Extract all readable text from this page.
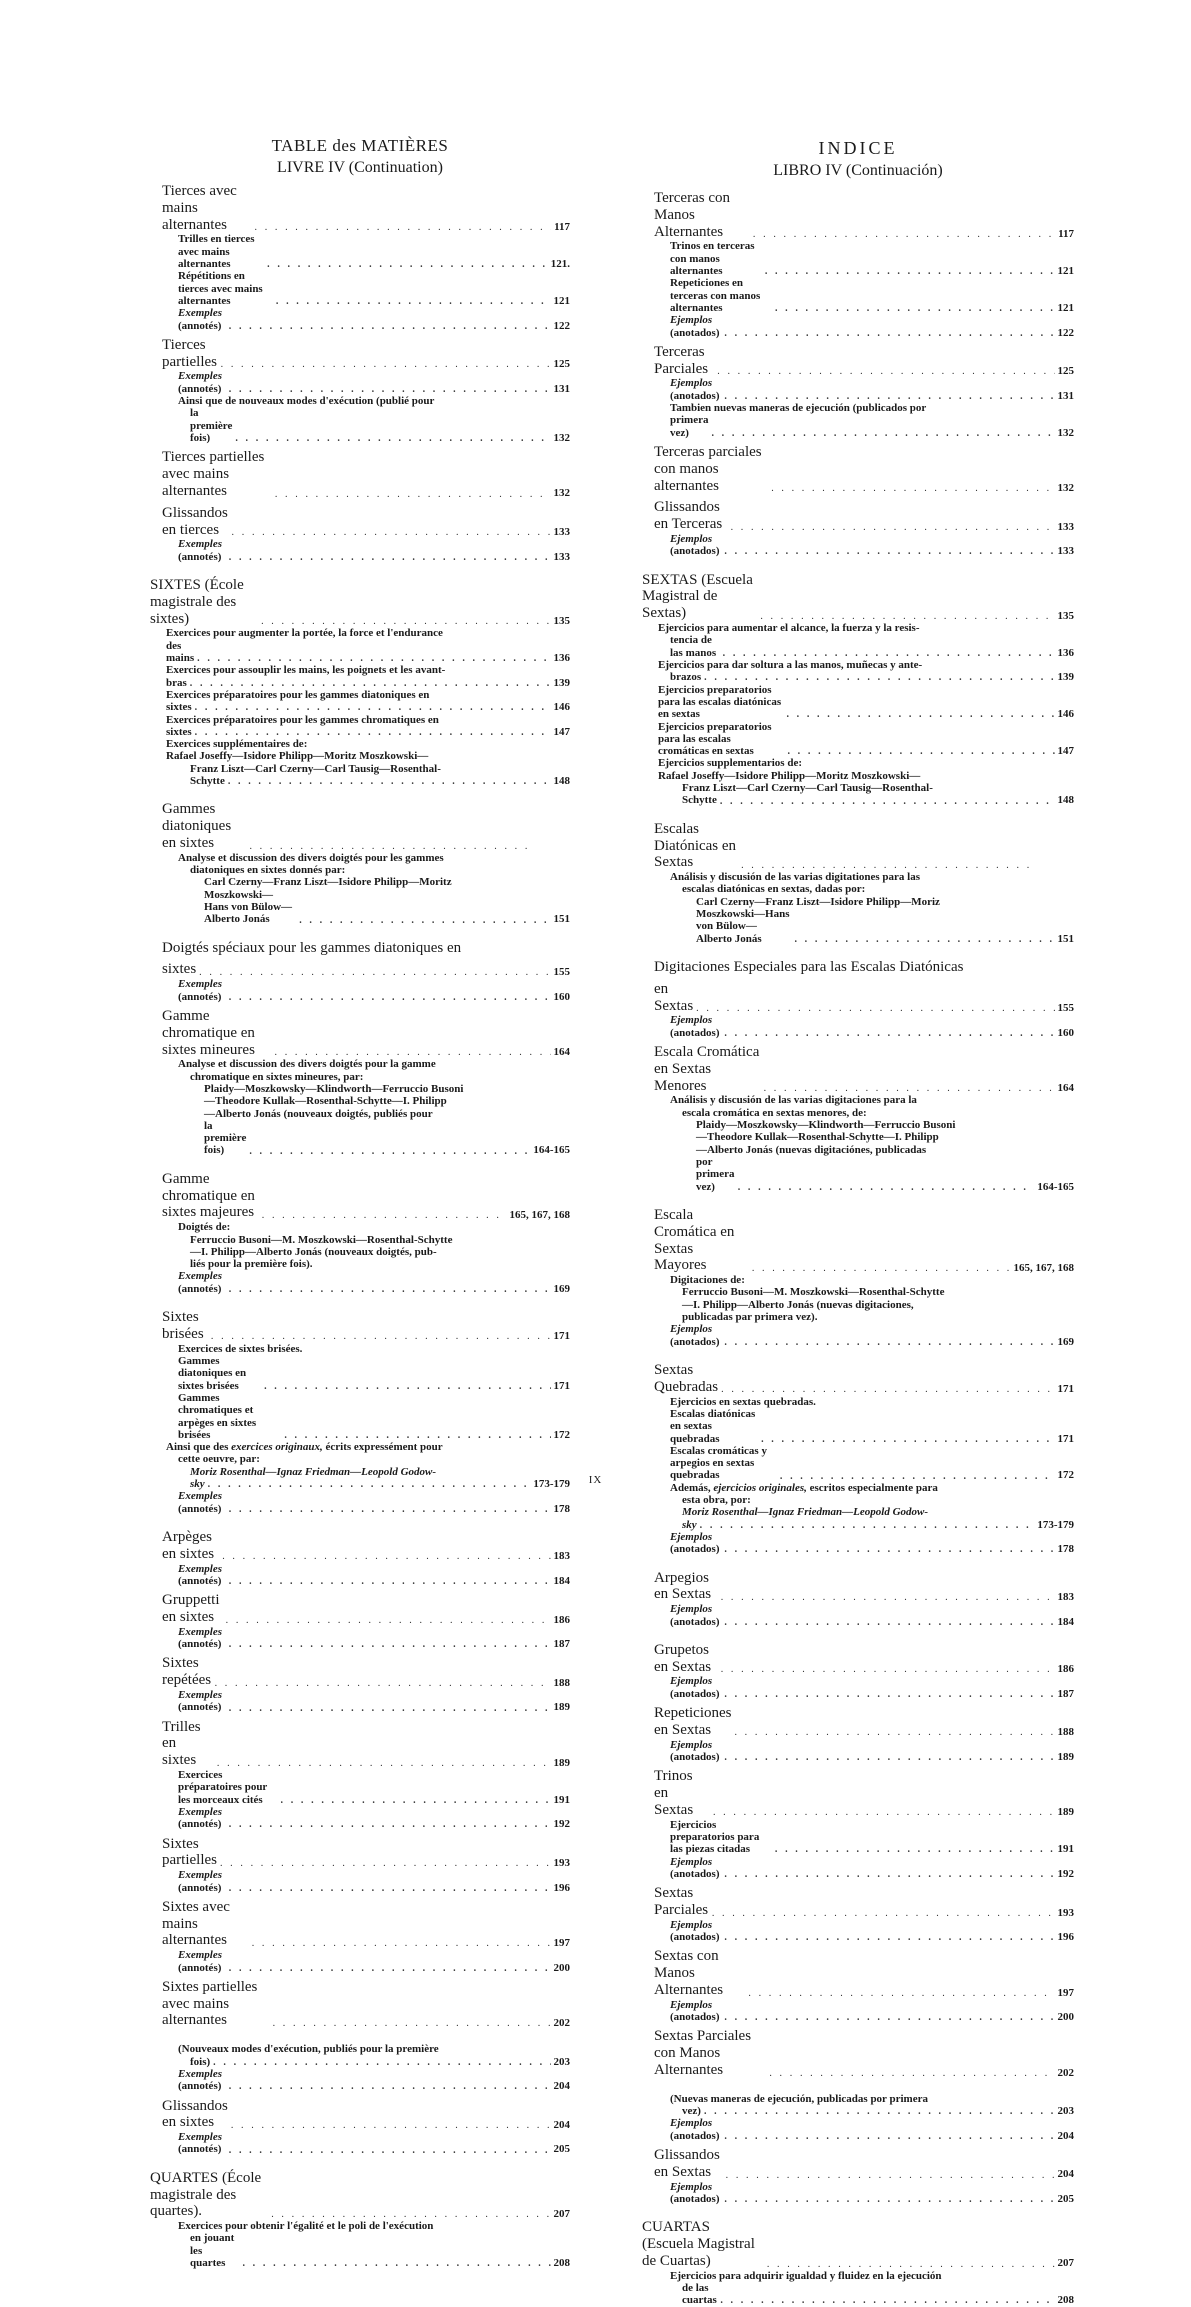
TABLE des MATIÈRES
LIVRE IV (Continuation)
Tierces avec mains alternantes . . .	117
Trilles en tierces avec mains alternantes . . .	121.
Répétitions en tierces avec mains alternantes . . .	121
Exemples (annotés) . . .	122
Tierces partielles . . .	125
Exemples (annotés) . . .	131
Ainsi que de nouveaux modes d'exécution (publié pour
la première fois) . . .	132
Tierces partielles avec mains alternantes . . .	132
Glissandos en tierces . . .	133
Exemples (annotés) . . .	133
SIXTES (École magistrale des sixtes) . . .	135
Exercices pour augmenter la portée, la force et l'endurance
des mains . . .	136
Exercices pour assouplir les mains, les poignets et les avant-
bras . . .	139
Exercices préparatoires pour les gammes diatoniques en
sixtes . . .	146
Exercices préparatoires pour les gammes chromatiques en
sixtes . . .	147
Exercices supplémentaires de:
Rafael Joseffy—Isidore Philipp—Moritz Moszkowski—
Franz Liszt—Carl Czerny—Carl Tausig—Rosenthal-
Schytte . . .	148
Gammes diatoniques en sixtes
. . .
Analyse et discussion des divers doigtés pour les gammes
diatoniques en sixtes donnés par:
Carl Czerny—Franz Liszt—Isidore Philipp—Moritz
Moszkowski—Hans von Bülow—Alberto Jonás . . .	151
Doigtés spéciaux pour les gammes diatoniques en
sixtes . . .	155
Exemples (annotés) . . .	160
Gamme chromatique en sixtes mineures . . .	164
Analyse et discussion des divers doigtés pour la gamme
chromatique en sixtes mineures, par:
Plaidy—Moszkowsky—Klindworth—Ferruccio Busoni
—Theodore Kullak—Rosenthal-Schytte—I. Philipp
—Alberto Jonás (nouveaux doigtés, publiés pour
la première fois) . . .	164-165
Gamme chromatique en sixtes majeures . . .	165, 167, 168
Doigtés de:
Ferruccio Busoni—M. Moszkowski—Rosenthal-Schytte
—I. Philipp—Alberto Jonás (nouveaux doigtés, pub-
liés pour la première fois).
Exemples (annotés) . . .	169
Sixtes brisées . . .	171
Exercices de sixtes brisées.
Gammes diatoniques en sixtes brisées . . .	171
Gammes chromatiques et arpèges en sixtes brisées . . .	172
Ainsi que des exercices originaux, écrits expressément pour
cette oeuvre, par:
Moriz Rosenthal—Ignaz Friedman—Leopold Godow-
sky . . .	173-179
Exemples (annotés) . . .	178
Arpèges en sixtes . . .	183
Exemples (annotés) . . .	184
Gruppetti en sixtes . . .	186
Exemples (annotés) . . .	187
Sixtes repétées . . .	188
Exemples (annotés) . . .	189
Trilles en sixtes . . .	189
Exercices préparatoires pour les morceaux cités . . .	191
Exemples (annotés) . . .	192
Sixtes partielles . . .	193
Exemples (annotés) . . .	196
Sixtes avec mains alternantes . . .	197
Exemples (annotés) . . .	200
Sixtes partielles avec mains alternantes . . .	202
(Nouveaux modes d'exécution, publiés pour la première
fois) . . .	203
Exemples (annotés) . . .	204
Glissandos en sixtes . . .	204
Exemples (annotés) . . .	205
QUARTES (École magistrale des quartes). . . .	207
Exercices pour obtenir l'égalité et le poli de l'exécution
en jouant les quartes . . .	208
INDICE
LIBRO IV (Continuación)
Terceras con Manos Alternantes . . .	117
Trinos en terceras con manos alternantes . . .	121
Repeticiones en terceras con manos alternantes . . .	121
Ejemplos (anotados) . . .	122
Terceras Parciales . . .	125
Ejemplos (anotados) . . .	131
Tambien nuevas maneras de ejecución (publicados por
primera vez) . . .	132
Terceras parciales con manos alternantes . . .	132
Glissandos en Terceras . . .	133
Ejemplos (anotados) . . .	133
SEXTAS (Escuela Magistral de Sextas) . . .	135
Ejercicios para aumentar el alcance, la fuerza y la resis-
tencia de las manos . . .	136
Ejercicios para dar soltura a las manos, muñecas y ante-
brazos . . .	139
Ejercicios preparatorios para las escalas diatónicas en sextas . . .	146
Ejercicios preparatorios para las escalas cromáticas en sextas . . .	147
Ejercicios supplementarios de:
Rafael Joseffy—Isidore Philipp—Moritz Moszkowski—
Franz Liszt—Carl Czerny—Carl Tausig—Rosenthal-
Schytte . . .	148
Escalas Diatónicas en Sextas
. . .
Análisis y discusión de las varias digitationes para las
escalas diatónicas en sextas, dadas por:
Carl Czerny—Franz Liszt—Isidore Philipp—Moriz
Moszkowski—Hans von Bülow—Alberto Jonás . . .	151
Digitaciones Especiales para las Escalas Diatónicas
en Sextas . . .	155
Ejemplos (anotados) . . .	160
Escala Cromática en Sextas Menores . . .	164
Análisis y discusión de las varias digitaciones para la
escala cromática en sextas menores, de:
Plaidy—Moszkowsky—Klindworth—Ferruccio Busoni
—Theodore Kullak—Rosenthal-Schytte—I. Philipp
—Alberto Jonás (nuevas digitaciónes, publicadas
por primera vez) . . .	164-165
Escala Cromática en Sextas Mayores . . .	165, 167, 168
Digitaciones de:
Ferruccio Busoni—M. Moszkowski—Rosenthal-Schytte
—I. Philipp—Alberto Jonás (nuevas digitaciones,
publicadas par primera vez).
Ejemplos (anotados) . . .	169
Sextas Quebradas . . .	171
Ejercicios en sextas quebradas.
Escalas diatónicas en sextas quebradas . . .	171
Escalas cromáticas y arpegios en sextas quebradas . . .	172
Además, ejercicios originales, escritos especialmente para
esta obra, por:
Moriz Rosenthal—Ignaz Friedman—Leopold Godow-
sky . . .	173-179
Ejemplos (anotados) . . .	178
Arpegios en Sextas . . .	183
Ejemplos (anotados) . . .	184
Grupetos en Sextas . . .	186
Ejemplos (anotados) . . .	187
Repeticiones en Sextas . . .	188
Ejemplos (anotados) . . .	189
Trinos en Sextas . . .	189
Ejercicios preparatorios para las piezas citadas . . .	191
Ejemplos (anotados) . . .	192
Sextas Parciales . . .	193
Ejemplos (anotados) . . .	196
Sextas con Manos Alternantes . . .	197
Ejemplos (anotados) . . .	200
Sextas Parciales con Manos Alternantes . . .	202
(Nuevas maneras de ejecución, publicadas por primera
vez) . . .	203
Ejemplos (anotados) . . .	204
Glissandos en Sextas . . .	204
Ejemplos (anotados) . . .	205
CUARTAS (Escuela Magistral de Cuartas) . . .	207
Ejercicios para adquirir igualdad y fluidez en la ejecución
de las cuartas . . .	208
IX
